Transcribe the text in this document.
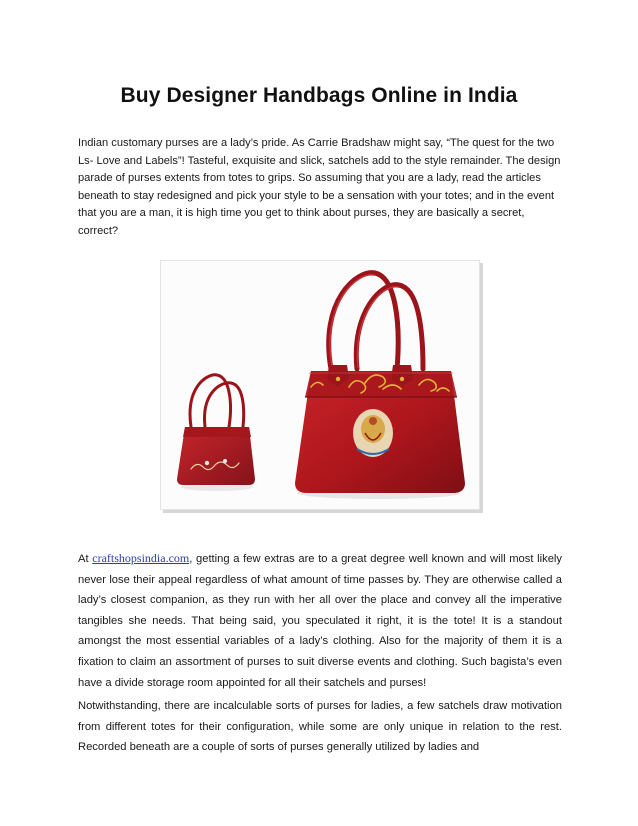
Buy Designer Handbags Online in India
Indian customary purses are a lady’s pride. As Carrie Bradshaw might say, “The quest for the two Ls- Love and Labels”! Tasteful, exquisite and slick, satchels add to the style remainder. The design parade of purses extents from totes to grips. So assuming that you are a lady, read the articles beneath to stay redesigned and pick your style to be a sensation with your totes; and in the event that you are a man, it is high time you get to think about purses, they are basically a secret, correct?
At craftshopsindia.com, getting a few extras are to a great degree well known and will most likely never lose their appeal regardless of what amount of time passes by. They are otherwise called a lady’s closest companion, as they run with her all over the place and convey all the imperative tangibles she needs. That being said, you speculated it right, it is the tote! It is a standout amongst the most essential variables of a lady’s clothing. Also for the majority of them it is a fixation to claim an assortment of purses to suit diverse events and clothing. Such bagista’s even have a divide storage room appointed for all their satchels and purses!
Notwithstanding, there are incalculable sorts of purses for ladies, a few satchels draw motivation from different totes for their configuration, while some are only unique in relation to the rest. Recorded beneath are a couple of sorts of purses generally utilized by ladies and
